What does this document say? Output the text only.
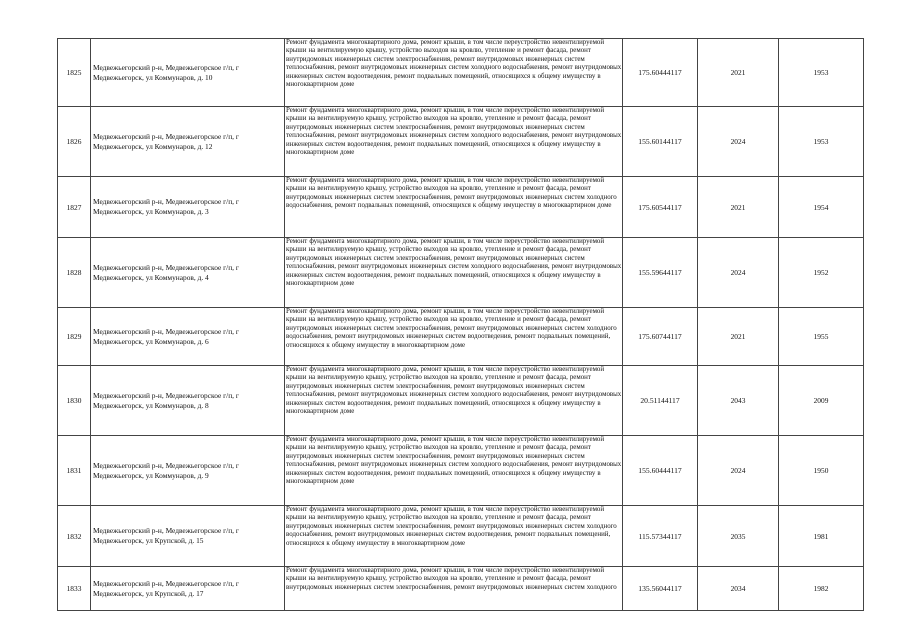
1825	Медвежьегорский р-н, Медвежьегорское г/п, г Медвежьегорск, ул Коммунаров, д. 10	Ремонт фундамента многоквартирного дома, ремонт крыши, в том числе переустройство невентилируемой крыши на вентилируемую крышу, устройство выходов на кровлю, утепление и ремонт фасада, ремонт внутридомовых инженерных систем электроснабжения, ремонт внутридомовых инженерных систем теплоснабжения, ремонт внутридомовых инженерных систем холодного водоснабжения, ремонт внутридомовых инженерных систем водоотведения, ремонт подвальных помещений, относящихся к общему имуществу в многоквартирном доме	175.60444117	2021	1953
1826	Медвежьегорский р-н, Медвежьегорское г/п, г Медвежьегорск, ул Коммунаров, д. 12	Ремонт фундамента многоквартирного дома, ремонт крыши, в том числе переустройство невентилируемой крыши на вентилируемую крышу, устройство выходов на кровлю, утепление и ремонт фасада, ремонт внутридомовых инженерных систем электроснабжения, ремонт внутридомовых инженерных систем теплоснабжения, ремонт внутридомовых инженерных систем холодного водоснабжения, ремонт внутридомовых инженерных систем водоотведения, ремонт подвальных помещений, относящихся к общему имуществу в многоквартирном доме	155.60144117	2024	1953
1827	Медвежьегорский р-н, Медвежьегорское г/п, г Медвежьегорск, ул Коммунаров, д. 3	Ремонт фундамента многоквартирного дома, ремонт крыши, в том числе переустройство невентилируемой крыши на вентилируемую крышу, устройство выходов на кровлю, утепление и ремонт фасада, ремонт внутридомовых инженерных систем электроснабжения, ремонт внутридомовых инженерных систем холодного водоснабжения, ремонт подвальных помещений, относящихся к общему имуществу в многоквартирном доме	175.60544117	2021	1954
1828	Медвежьегорский р-н, Медвежьегорское г/п, г Медвежьегорск, ул Коммунаров, д. 4	Ремонт фундамента многоквартирного дома, ремонт крыши, в том числе переустройство невентилируемой крыши на вентилируемую крышу, устройство выходов на кровлю, утепление и ремонт фасада, ремонт внутридомовых инженерных систем электроснабжения, ремонт внутридомовых инженерных систем теплоснабжения, ремонт внутридомовых инженерных систем холодного водоснабжения, ремонт внутридомовых инженерных систем водоотведения, ремонт подвальных помещений, относящихся к общему имуществу в многоквартирном доме	155.59644117	2024	1952
1829	Медвежьегорский р-н, Медвежьегорское г/п, г Медвежьегорск, ул Коммунаров, д. 6	Ремонт фундамента многоквартирного дома, ремонт крыши, в том числе переустройство невентилируемой крыши на вентилируемую крышу, устройство выходов на кровлю, утепление и ремонт фасада, ремонт внутридомовых инженерных систем электроснабжения, ремонт внутридомовых инженерных систем холодного водоснабжения, ремонт внутридомовых инженерных систем водоотведения, ремонт подвальных помещений, относящихся к общему имуществу в многоквартирном доме	175.60744117	2021	1955
1830	Медвежьегорский р-н, Медвежьегорское г/п, г Медвежьегорск, ул Коммунаров, д. 8	Ремонт фундамента многоквартирного дома, ремонт крыши, в том числе переустройство невентилируемой крыши на вентилируемую крышу, устройство выходов на кровлю, утепление и ремонт фасада, ремонт внутридомовых инженерных систем электроснабжения, ремонт внутридомовых инженерных систем теплоснабжения, ремонт внутридомовых инженерных систем холодного водоснабжения, ремонт внутридомовых инженерных систем водоотведения, ремонт подвальных помещений, относящихся к общему имуществу в многоквартирном доме	20.51144117	2043	2009
1831	Медвежьегорский р-н, Медвежьегорское г/п, г Медвежьегорск, ул Коммунаров, д. 9	Ремонт фундамента многоквартирного дома, ремонт крыши, в том числе переустройство невентилируемой крыши на вентилируемую крышу, устройство выходов на кровлю, утепление и ремонт фасада, ремонт внутридомовых инженерных систем электроснабжения, ремонт внутридомовых инженерных систем теплоснабжения, ремонт внутридомовых инженерных систем холодного водоснабжения, ремонт внутридомовых инженерных систем водоотведения, ремонт подвальных помещений, относящихся к общему имуществу в многоквартирном доме	155.60444117	2024	1950
1832	Медвежьегорский р-н, Медвежьегорское г/п, г Медвежьегорск, ул Крупской, д. 15	Ремонт фундамента многоквартирного дома, ремонт крыши, в том числе переустройство невентилируемой крыши на вентилируемую крышу, устройство выходов на кровлю, утепление и ремонт фасада, ремонт внутридомовых инженерных систем электроснабжения, ремонт внутридомовых инженерных систем холодного водоснабжения, ремонт внутридомовых инженерных систем водоотведения, ремонт подвальных помещений, относящихся к общему имуществу в многоквартирном доме	115.57344117	2035	1981
1833	Медвежьегорский р-н, Медвежьегорское г/п, г Медвежьегорск, ул Крупской, д. 17	Ремонт фундамента многоквартирного дома, ремонт крыши, в том числе переустройство невентилируемой крыши на вентилируемую крышу, устройство выходов на кровлю, утепление и ремонт фасада, ремонт внутридомовых инженерных систем электроснабжения, ремонт внутридомовых инженерных систем холодного	135.56044117	2034	1982
